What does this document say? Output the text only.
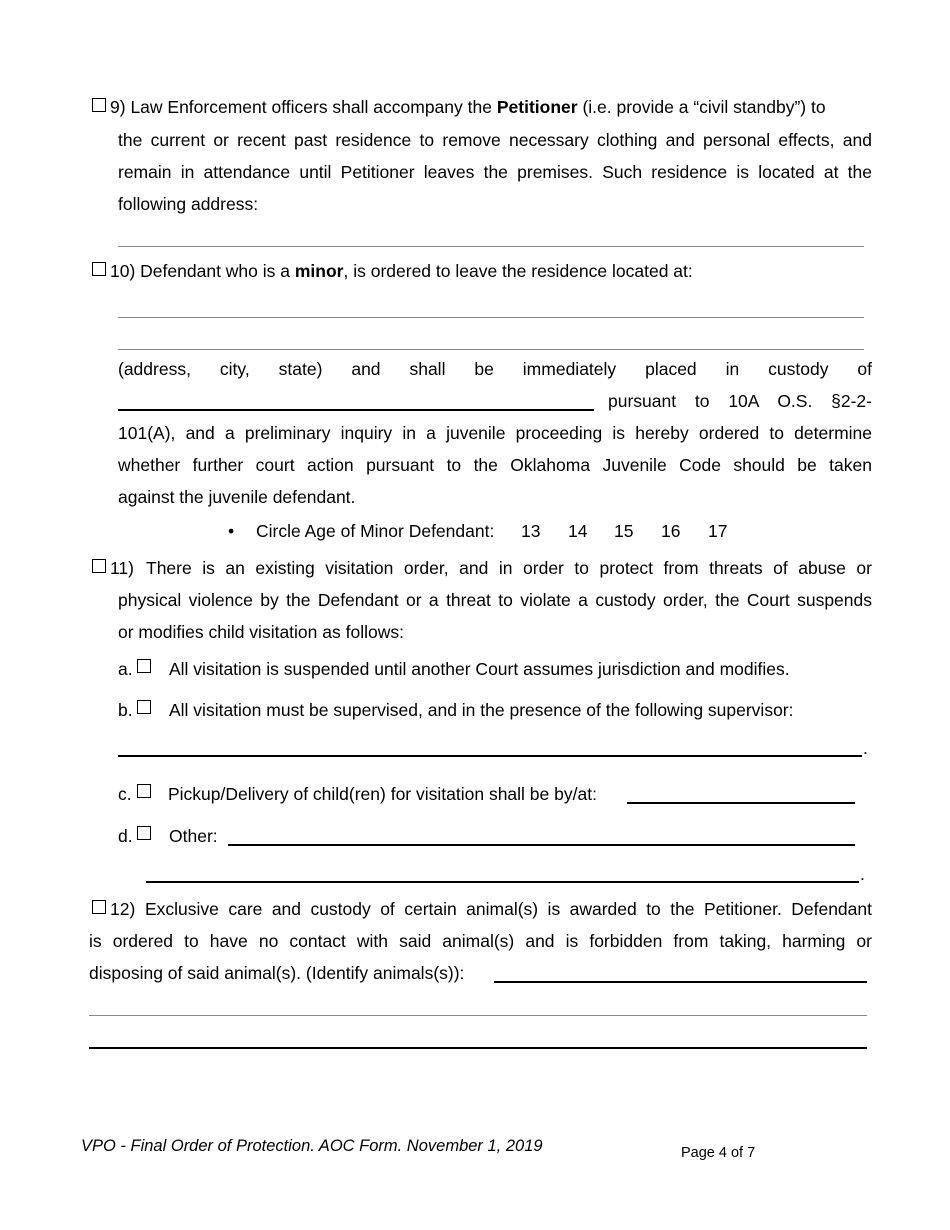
9) Law Enforcement officers shall accompany the Petitioner (i.e. provide a “civil standby”) to
the current or recent past residence to remove necessary clothing and personal effects, and
remain in attendance until Petitioner leaves the premises. Such residence is located at the
following address:
10) Defendant who is a minor, is ordered to leave the residence located at:
(address, city, state) and shall be immediately placed in custody of
pursuant to 10A O.S. §2-2-
101(A), and a preliminary inquiry in a juvenile proceeding is hereby ordered to determine
whether further court action pursuant to the Oklahoma Juvenile Code should be taken
against the juvenile defendant.
• Circle Age of Minor Defendant: 13 14 15 16 17
11) There is an existing visitation order, and in order to protect from threats of abuse or
physical violence by the Defendant or a threat to violate a custody order, the Court suspends
or modifies child visitation as follows:
a. All visitation is suspended until another Court assumes jurisdiction and modifies.
b. All visitation must be supervised, and in the presence of the following supervisor:
.
c. Pickup/Delivery of child(ren) for visitation shall be by/at:
d. Other:
.
12) Exclusive care and custody of certain animal(s) is awarded to the Petitioner. Defendant
is ordered to have no contact with said animal(s) and is forbidden from taking, harming or
disposing of said animal(s). (Identify animals(s)):
VPO - Final Order of Protection. AOC Form. November 1, 2019	Page 4 of 7
